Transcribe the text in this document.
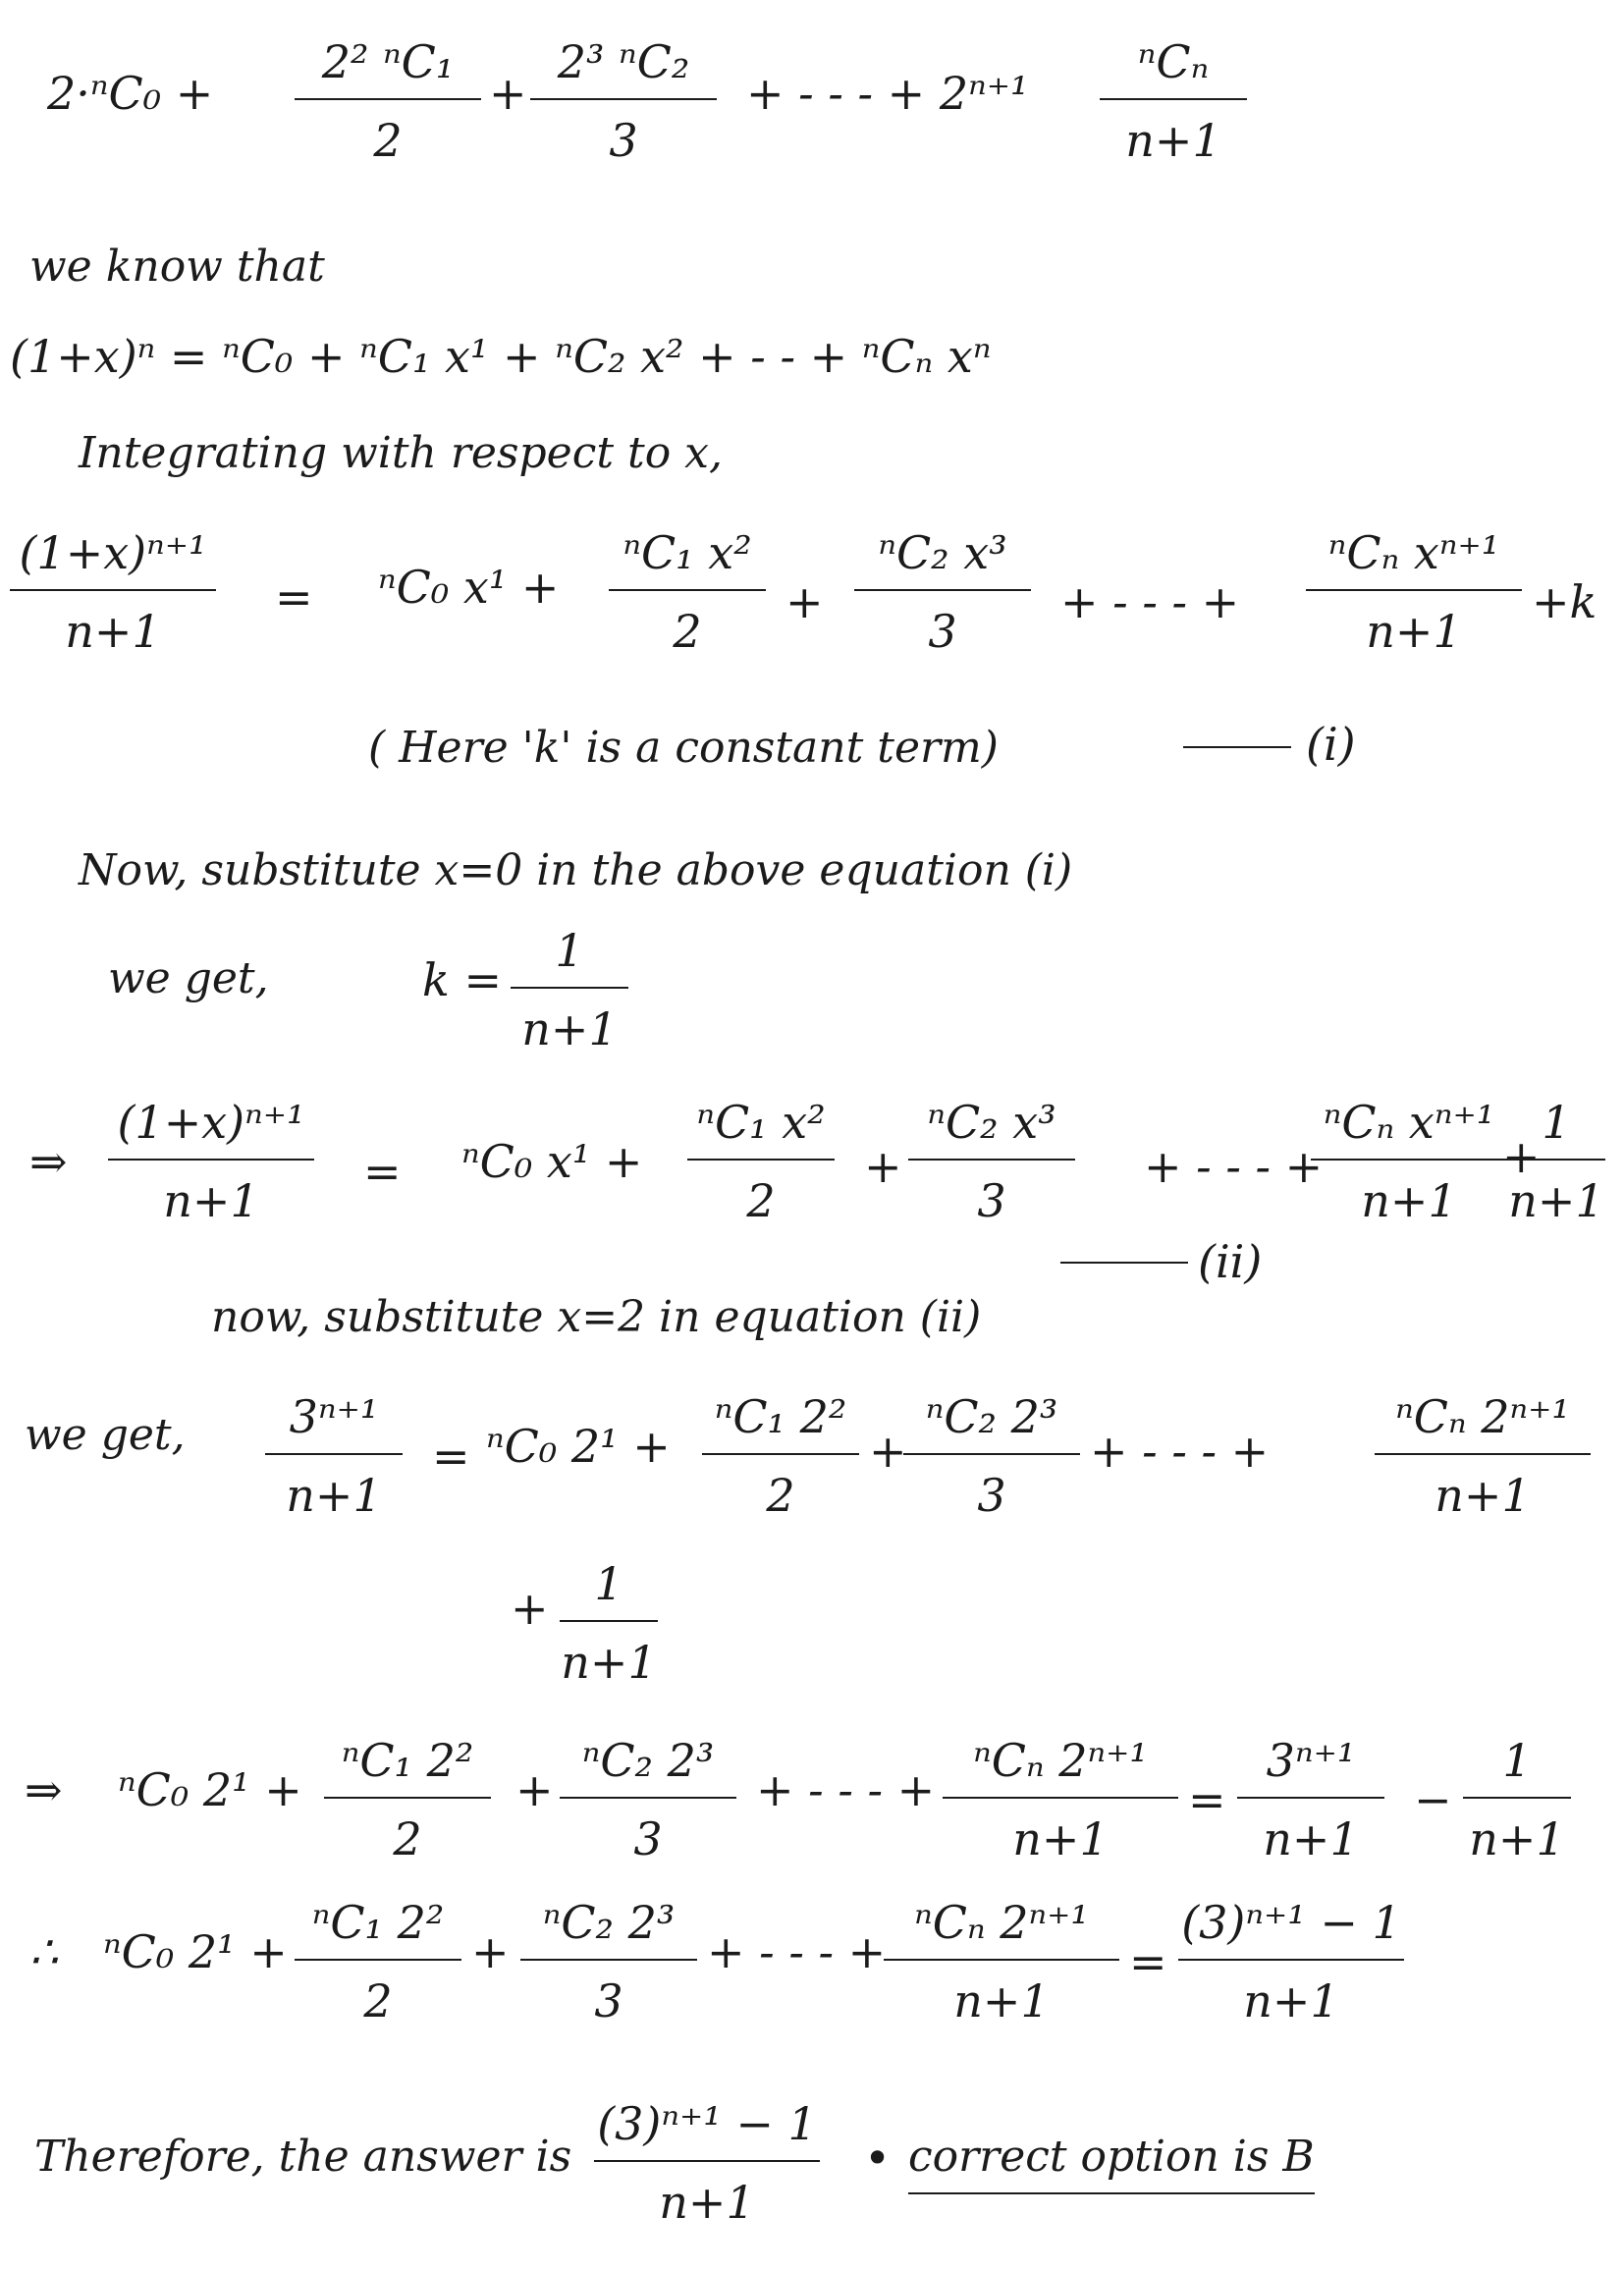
2·ⁿC₀ +
2² ⁿC₁
2
+
2³ ⁿC₂
3
+ - - - + 2ⁿ⁺¹
ⁿCₙ
n+1
we know that
(1+x)ⁿ = ⁿC₀ + ⁿC₁ x¹ + ⁿC₂ x² + - - + ⁿCₙ xⁿ
Integrating with respect to x,
(1+x)ⁿ⁺¹
n+1
= ⁿC₀ x¹ +
ⁿC₁ x²
2
+
ⁿC₂ x³
3
+ - - - +
ⁿCₙ xⁿ⁺¹
n+1
+k
( Here 'k' is a constant term)	(i)
Now, substitute x=0 in the above equation (i)
we get,	k =
1
n+1
⇒
(1+x)ⁿ⁺¹
n+1
= ⁿC₀ x¹ +
ⁿC₁ x²
2
+
ⁿC₂ x³
3
+ - - - +
ⁿCₙ xⁿ⁺¹
n+1
+
1
n+1
(ii)
now, substitute x=2 in equation (ii)
we get,	3ⁿ⁺¹
n+1
= ⁿC₀ 2¹ +
ⁿC₁ 2²
2
+
ⁿC₂ 2³
3
+ - - - +
ⁿCₙ 2ⁿ⁺¹
n+1
+	1
n+1
⇒ ⁿC₀ 2¹ +
ⁿC₁ 2²
2
+
ⁿC₂ 2³
3
+ - - - +
ⁿCₙ 2ⁿ⁺¹
n+1
=
3ⁿ⁺¹
n+1
−
1
n+1
∴ ⁿC₀ 2¹ +
ⁿC₁ 2²
2
+
ⁿC₂ 2³
3
+ - - - +
ⁿCₙ 2ⁿ⁺¹
n+1
=
(3)ⁿ⁺¹ − 1
n+1
Therefore, the answer is
(3)ⁿ⁺¹ − 1
n+1
• correct option is B
